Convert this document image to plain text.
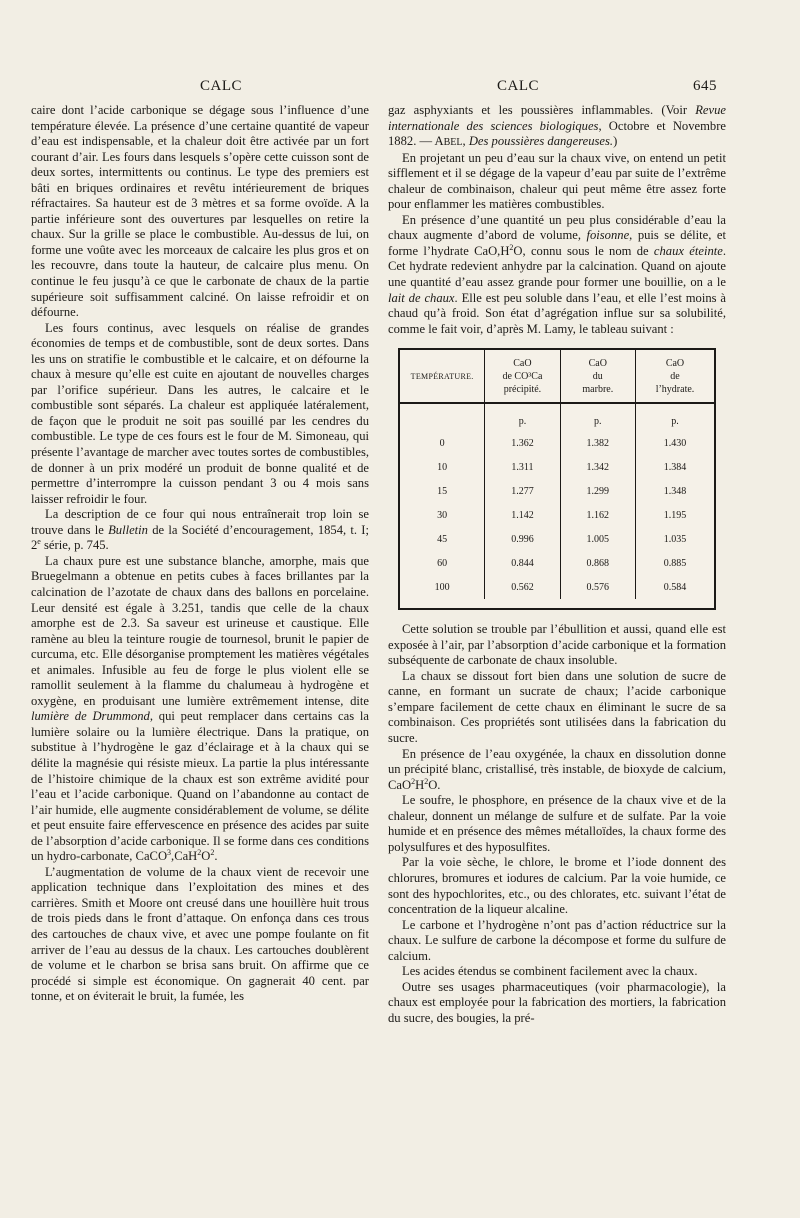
CALC	CALC	645

caire dont l’acide carbonique se dégage sous l’influence d’une température élevée. La présence d’une certaine quantité de vapeur d’eau est indispensable, et la chaleur doit être activée par un fort courant d’air. Les fours dans lesquels s’opère cette cuisson sont de deux sortes, intermittents ou continus. Le type des premiers est bâti en briques ordinaires et revêtu intérieurement de briques réfractaires. Sa hauteur est de 3 mètres et sa forme ovoïde. A la partie inférieure sont des ouvertures par lesquelles on retire la chaux. Sur la grille se place le combustible. Au-dessus de lui, on forme une voûte avec les morceaux de calcaire les plus gros et on les recouvre, dans toute la hauteur, de calcaire plus menu. On continue le feu jusqu’à ce que le carbonate de chaux de la partie supérieure soit suffisamment calciné. On laisse refroidir et on défourne.

Les fours continus, avec lesquels on réalise de grandes économies de temps et de combustible, sont de deux sortes. Dans les uns on stratifie le combustible et le calcaire, et on défourne la chaux à mesure qu’elle est cuite en ajoutant de nouvelles charges par l’orifice supérieur. Dans les autres, le calcaire et le combustible sont séparés. La chaleur est appliquée latéralement, de façon que le produit ne soit pas souillé par les cendres du combustible. Le type de ces fours est le four de M. Simoneau, qui présente l’avantage de marcher avec toutes sortes de combustibles, de donner à un prix modéré un produit de bonne qualité et de permettre d’interrompre la cuisson pendant 3 ou 4 mois sans laisser refroidir le four.

La description de ce four qui nous entraînerait trop loin se trouve dans le Bulletin de la Société d’encouragement, 1854, t. I; 2e série, p. 745.

La chaux pure est une substance blanche, amorphe, mais que Bruegelmann a obtenue en petits cubes à faces brillantes par la calcination de l’azotate de chaux dans des ballons en porcelaine. Leur densité est égale à 3.251, tandis que celle de la chaux amorphe est de 2.3. Sa saveur est urineuse et caustique. Elle ramène au bleu la teinture rougie de tournesol, brunit le papier de curcuma, etc. Elle désorganise promptement les matières végétales et animales. Infusible au feu de forge le plus violent elle se ramollit seulement à la flamme du chalumeau à hydrogène et oxygène, en produisant une lumière extrêmement intense, dite lumière de Drummond, qui peut remplacer dans certains cas la lumière solaire ou la lumière électrique. Dans la pratique, on substitue à l’hydrogène le gaz d’éclairage et à la chaux qui se délite la magnésie qui résiste mieux. La partie la plus intéressante de l’histoire chimique de la chaux est son extrême avidité pour l’eau et l’acide carbonique. Quand on l’abandonne au contact de l’air humide, elle augmente considérablement de volume, se délite et peut ensuite faire effervescence en présence des acides par suite de l’absorption d’acide carbonique. Il se forme dans ces conditions un hydro-carbonate, $CaCO^3,CaH^2O^2$.

L’augmentation de volume de la chaux vient de recevoir une application technique dans l’exploitation des mines et des carrières. Smith et Moore ont creusé dans une houillère huit trous de trois pieds dans le front d’attaque. On enfonça dans ces trous des cartouches de chaux vive, et avec une pompe foulante on fit arriver de l’eau au dessus de la chaux. Les cartouches doublèrent de volume et le charbon se brisa sans bruit. On affirme que ce procédé si simple est économique. On gagnerait 40 cent. par tonne, et on éviterait le bruit, la fumée, les

gaz asphyxiants et les poussières inflammables. (Voir Revue internationale des sciences biologiques, Octobre et Novembre 1882. — ABEL, Des poussières dangereuses.)

En projetant un peu d’eau sur la chaux vive, on entend un petit sifflement et il se dégage de la vapeur d’eau par suite de l’extrême chaleur de combinaison, chaleur qui peut même être assez forte pour enflammer les matières combustibles.

En présence d’une quantité un peu plus considérable d’eau la chaux augmente d’abord de volume, foisonne, puis se délite, et forme l’hydrate $CaO,H^2O$, connu sous le nom de chaux éteinte. Cet hydrate redevient anhydre par la calcination. Quand on ajoute une quantité d’eau assez grande pour former une bouillie, on a le lait de chaux. Elle est peu soluble dans l’eau, et elle l’est moins à chaud qu’à froid. Son état d’agrégation influe sur sa solubilité, comme le fait voir, d’après M. Lamy, le tableau suivant :

TEMPÉRATURE.	CaO
de CO³Ca
précipité.	CaO
du
marbre.	CaO
de
l’hydrate.

	p.	p.	p.
0	1.362	1.382	1.430
10	1.311	1.342	1.384
15	1.277	1.299	1.348
30	1.142	1.162	1.195
45	0.996	1.005	1.035
60	0.844	0.868	0.885
100	0.562	0.576	0.584

Cette solution se trouble par l’ébullition et aussi, quand elle est exposée à l’air, par l’absorption d’acide carbonique et la formation subséquente de carbonate de chaux insoluble.

La chaux se dissout fort bien dans une solution de sucre de canne, en formant un sucrate de chaux; l’acide carbonique s’empare facilement de cette chaux en éliminant le sucre de sa combinaison. Ces propriétés sont utilisées dans la fabrication du sucre.

En présence de l’eau oxygénée, la chaux en dissolution donne un précipité blanc, cristallisé, très instable, de bioxyde de calcium, $CaO^2H^2O$.

Le soufre, le phosphore, en présence de la chaux vive et de la chaleur, donnent un mélange de sulfure et de sulfate. Par la voie humide et en présence des mêmes métalloïdes, la chaux forme des polysulfures et des hyposulfites.

Par la voie sèche, le chlore, le brome et l’iode donnent des chlorures, bromures et iodures de calcium. Par la voie humide, ce sont des hypochlorites, etc., ou des chlorates, etc. suivant l’état de concentration de la liqueur alcaline.

Le carbone et l’hydrogène n’ont pas d’action réductrice sur la chaux. Le sulfure de carbone la décompose et forme du sulfure de calcium.

Les acides étendus se combinent facilement avec la chaux.

Outre ses usages pharmaceutiques (voir pharmacologie), la chaux est employée pour la fabrication des mortiers, la fabrication du sucre, des bougies, la pré-
